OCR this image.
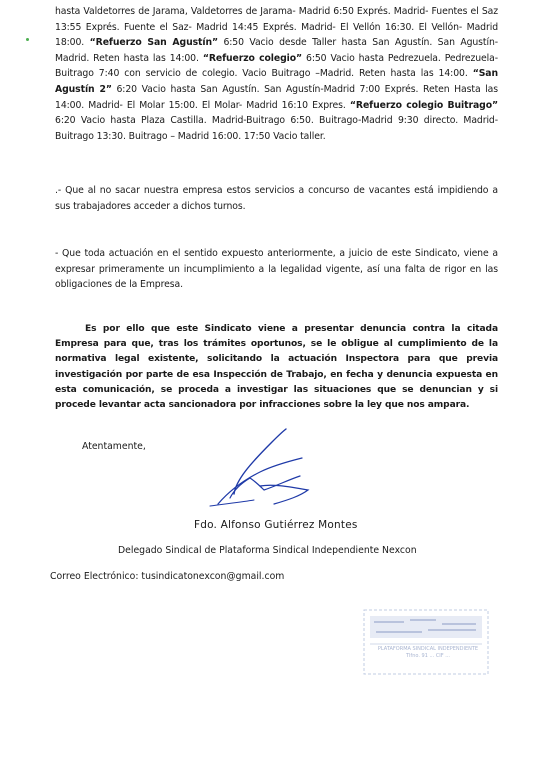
hasta Valdetorres de Jarama, Valdetorres de Jarama- Madrid 6:50 Exprés. Madrid- Fuentes el Saz 13:55 Exprés. Fuente el Saz- Madrid 14:45 Exprés. Madrid- El Vellón 16:30. El Vellón- Madrid 18:00. “Refuerzo San Agustín” 6:50 Vacio desde Taller hasta San Agustín. San Agustín-Madrid. Reten hasta las 14:00. “Refuerzo colegio” 6:50 Vacio hasta Pedrezuela. Pedrezuela- Buitrago 7:40 con servicio de colegio. Vacio Buitrago –Madrid. Reten hasta las 14:00. “San Agustín 2” 6:20 Vacio hasta San Agustín. San Agustín-Madrid 7:00 Exprés. Reten Hasta las 14:00. Madrid- El Molar 15:00. El Molar- Madrid 16:10 Expres. “Refuerzo colegio Buitrago” 6:20 Vacio hasta Plaza Castilla. Madrid-Buitrago 6:50. Buitrago-Madrid 9:30 directo. Madrid- Buitrago 13:30. Buitrago – Madrid 16:00. 17:50 Vacio taller.
.- Que al no sacar nuestra empresa estos servicios a concurso de vacantes está impidiendo a sus trabajadores acceder a dichos turnos.
- Que toda actuación en el sentido expuesto anteriormente, a juicio de este Sindicato, viene a expresar primeramente un incumplimiento a la legalidad vigente, así una falta de rigor en las obligaciones de la Empresa.
Es por ello que este Sindicato viene a presentar denuncia contra la citada Empresa para que, tras los trámites oportunos, se le obligue al cumplimiento de la normativa legal existente, solicitando la actuación Inspectora para que previa investigación por parte de esa Inspección de Trabajo, en fecha y denuncia expuesta en esta comunicación, se proceda a investigar las situaciones que se denuncian y si procede levantar acta sancionadora por infracciones sobre la ley que nos ampara.
Atentamente,
Fdo. Alfonso Gutiérrez Montes
Delegado Sindical de Plataforma Sindical Independiente Nexcon
Correo Electrónico: tusindicatonexcon@gmail.com
PLATAFORMA SINDICAL INDEPENDIENTE
Tlfno. 91 ... CIF ...
